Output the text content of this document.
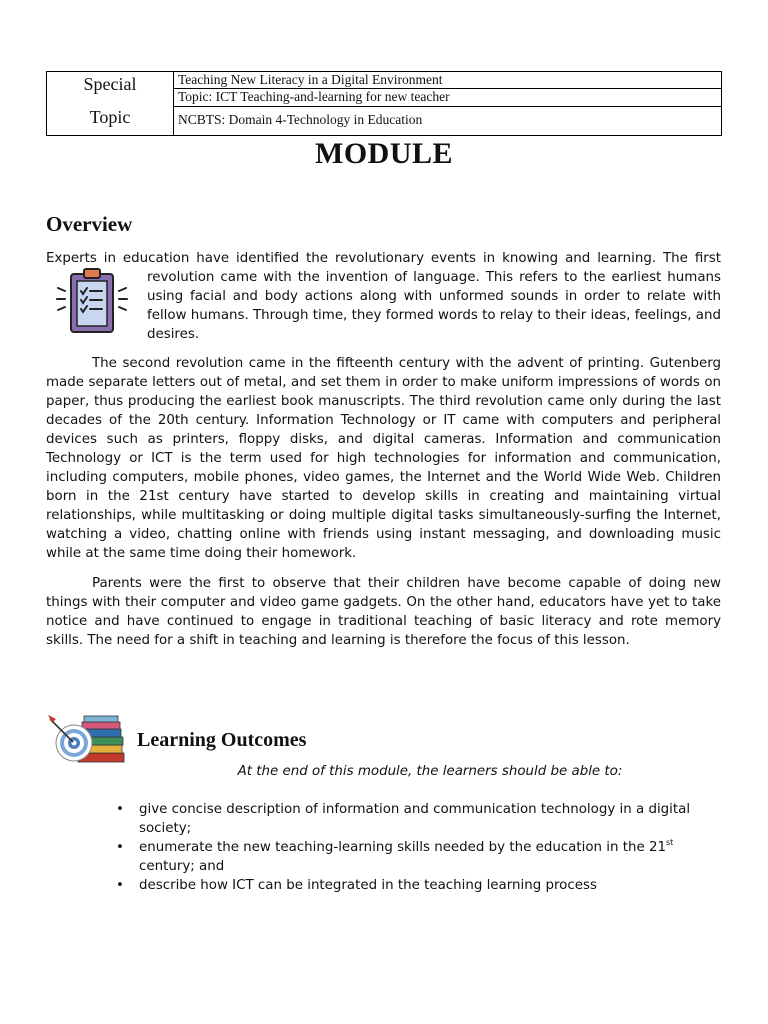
Special
Topic
Teaching New Literacy in a Digital Environment
Topic: ICT Teaching-and-learning for new teacher
NCBTS: Domain 4-Technology in Education
MODULE
Overview
Experts in education have identified the revolutionary events in knowing and learning. The first
revolution came with the invention of language. This refers to the earliest humans using facial and body actions along with unformed sounds in order to relate with fellow humans. Through time, they formed words to relay to their ideas, feelings, and desires.
The second revolution came in the fifteenth century with the advent of printing. Gutenberg made separate letters out of metal, and set them in order to make uniform impressions of words on paper, thus producing the earliest book manuscripts. The third revolution came only during the last decades of the 20th century. Information Technology or IT came with computers and peripheral devices such as printers, floppy disks, and digital cameras. Information and communication Technology or ICT is the term used for high technologies for information and communication, including computers, mobile phones, video games, the Internet and the World Wide Web. Children born in the 21st century have started to develop skills in creating and maintaining virtual relationships, while multitasking or doing multiple digital tasks simultaneously-surfing the Internet, watching a video, chatting online with friends using instant messaging, and downloading music while at the same time doing their homework.
Parents were the first to observe that their children have become capable of doing new things with their computer and video game gadgets. On the other hand, educators have yet to take notice and have continued to engage in traditional teaching of basic literacy and rote memory skills. The need for a shift in teaching and learning is therefore the focus of this lesson.
Learning Outcomes
At the end of this module, the learners should be able to:
• give concise description of information and communication technology in a digital society;
• enumerate the new teaching-learning skills needed by the education in the 21st century; and
• describe how ICT can be integrated in the teaching learning process
